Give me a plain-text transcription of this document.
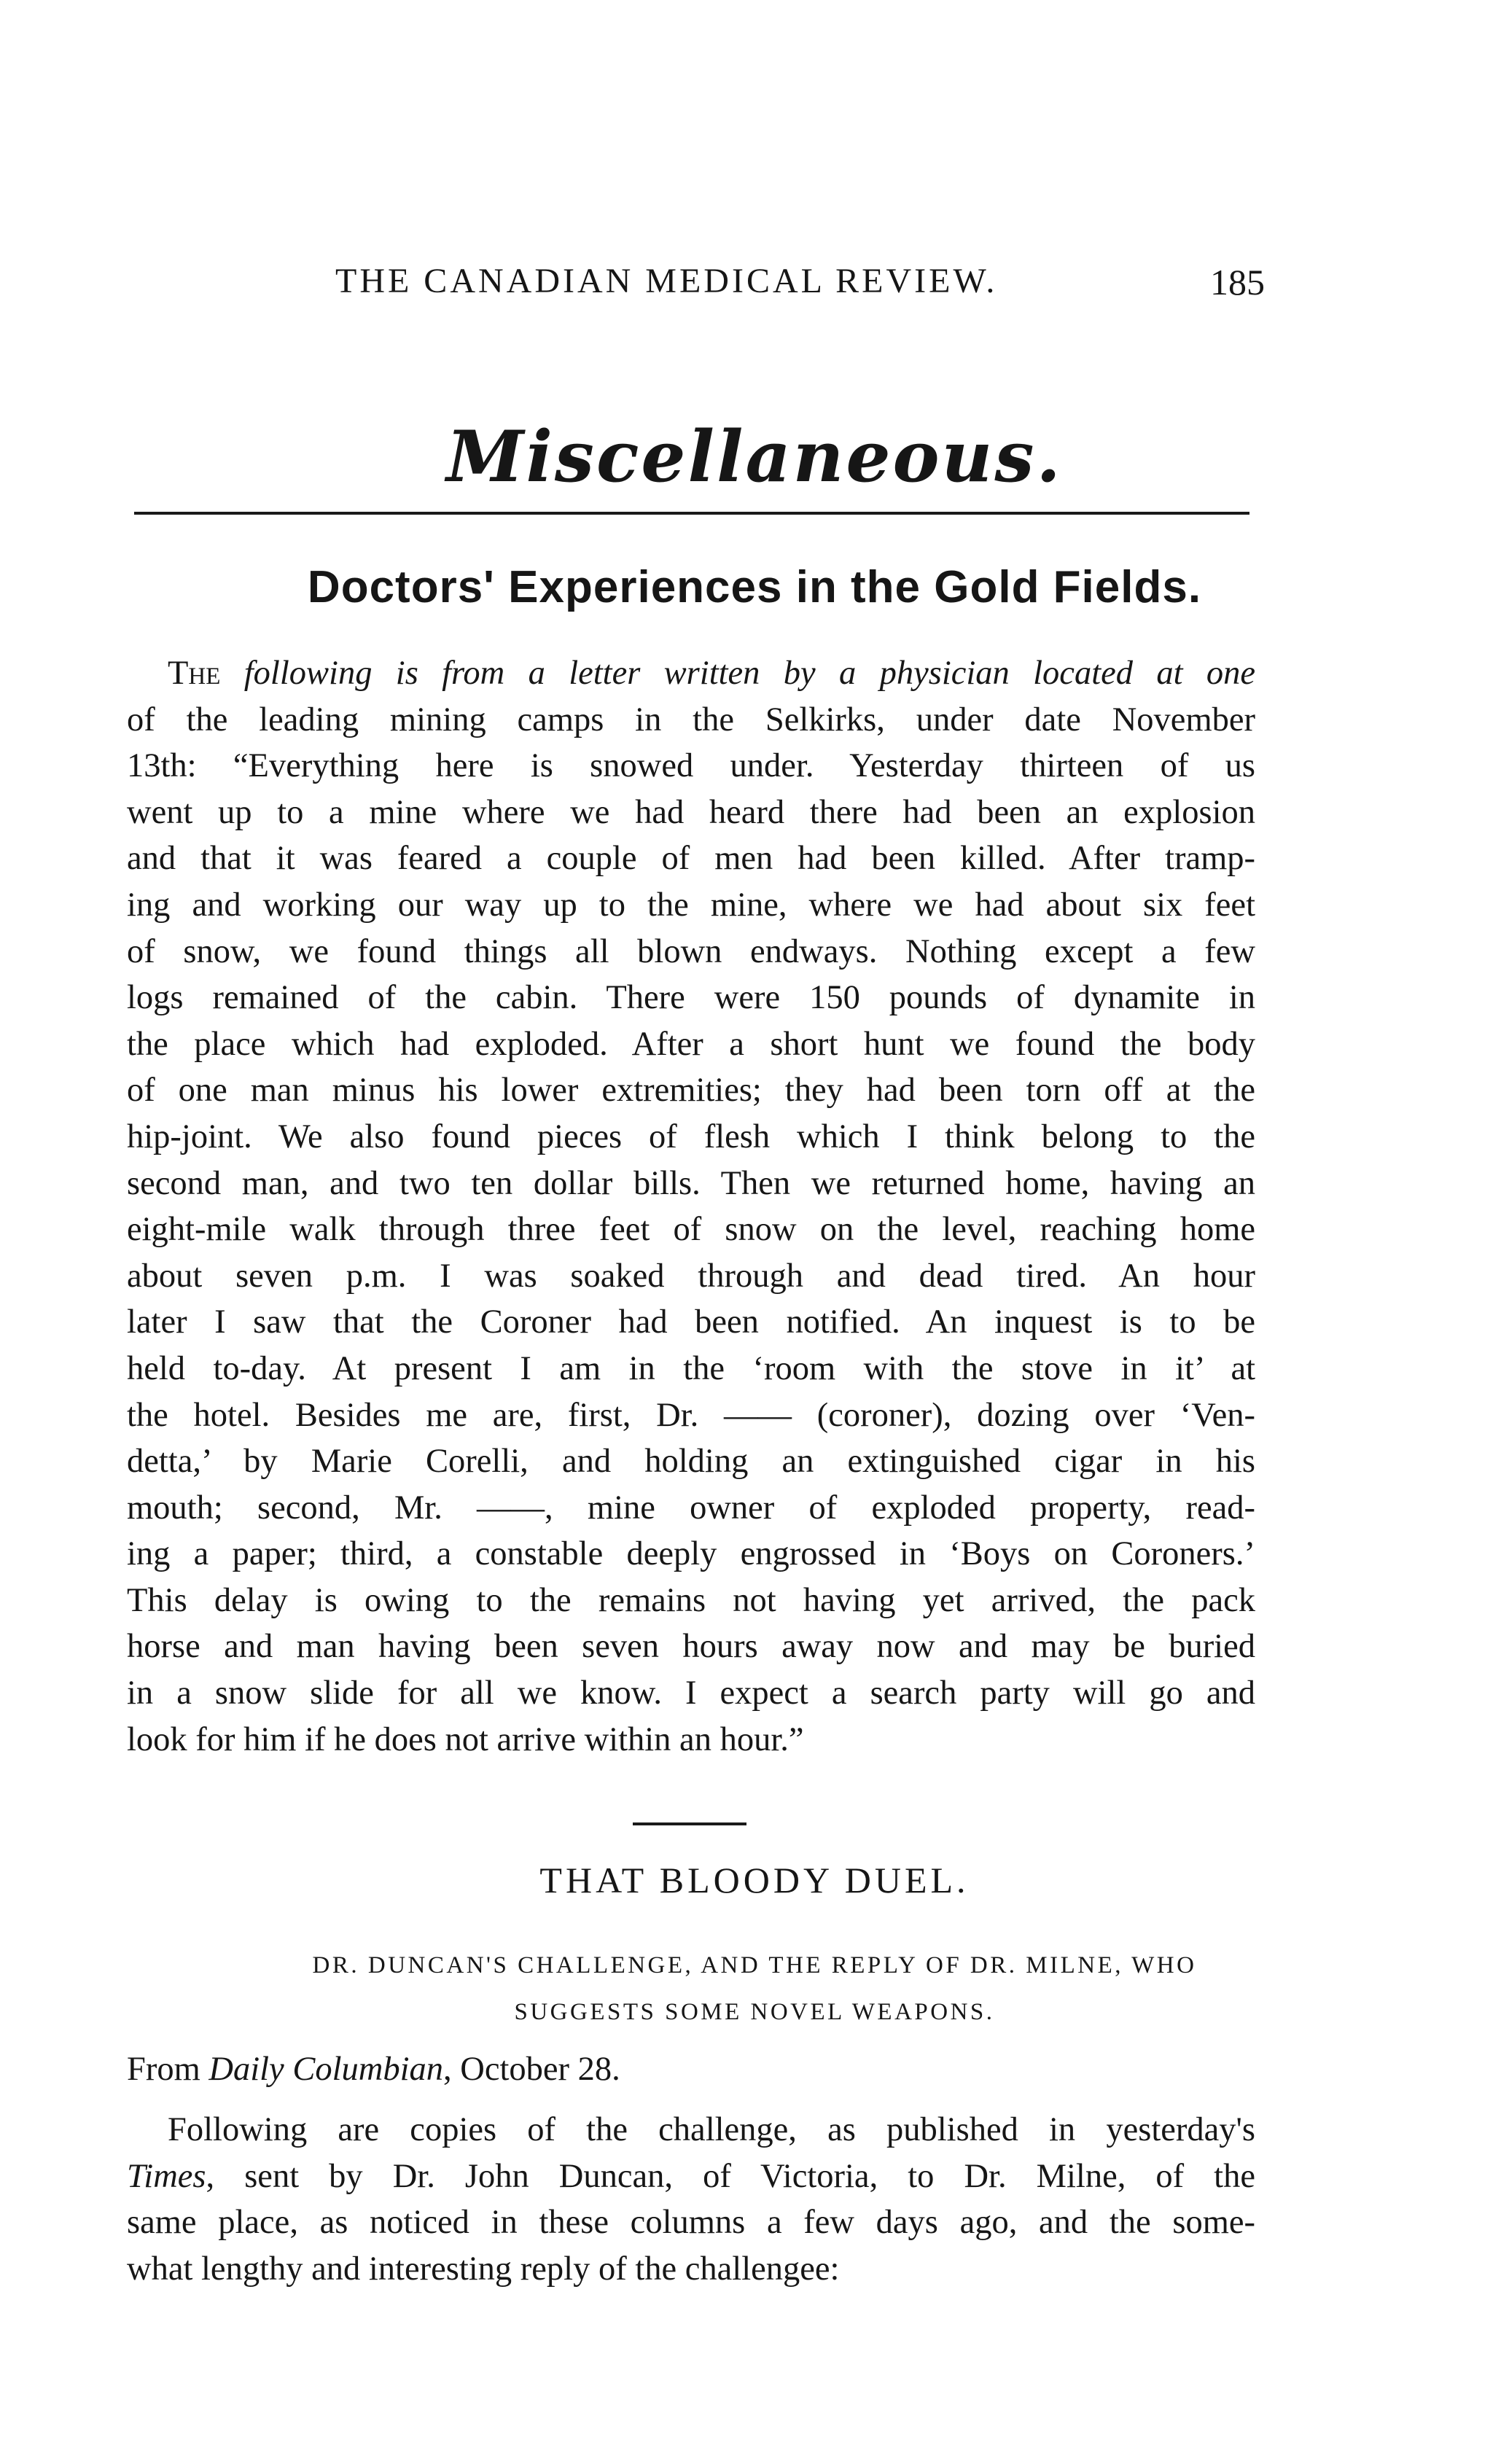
THE CANADIAN MEDICAL REVIEW.	185
Miscellaneous.
Doctors' Experiences in the Gold Fields.
The following is from a letter written by a physician located at one
of the leading mining camps in the Selkirks, under date November
13th: “Everything here is snowed under. Yesterday thirteen of us
went up to a mine where we had heard there had been an explosion
and that it was feared a couple of men had been killed. After tramp-
ing and working our way up to the mine, where we had about six feet
of snow, we found things all blown endways. Nothing except a few
logs remained of the cabin. There were 150 pounds of dynamite in
the place which had exploded. After a short hunt we found the body
of one man minus his lower extremities; they had been torn off at the
hip-joint. We also found pieces of flesh which I think belong to the
second man, and two ten dollar bills. Then we returned home, having an
eight-mile walk through three feet of snow on the level, reaching home
about seven p.m. I was soaked through and dead tired. An hour
later I saw that the Coroner had been notified. An inquest is to be
held to-day. At present I am in the ‘room with the stove in it’ at
the hotel. Besides me are, first, Dr. —— (coroner), dozing over ‘Ven-
detta,’ by Marie Corelli, and holding an extinguished cigar in his
mouth; second, Mr. ——, mine owner of exploded property, read-
ing a paper; third, a constable deeply engrossed in ‘Boys on Coroners.’
This delay is owing to the remains not having yet arrived, the pack
horse and man having been seven hours away now and may be buried
in a snow slide for all we know. I expect a search party will go and
look for him if he does not arrive within an hour.”
THAT BLOODY DUEL.
DR. DUNCAN'S CHALLENGE, AND THE REPLY OF DR. MILNE, WHO
SUGGESTS SOME NOVEL WEAPONS.
From Daily Columbian, October 28.
Following are copies of the challenge, as published in yesterday's
Times, sent by Dr. John Duncan, of Victoria, to Dr. Milne, of the
same place, as noticed in these columns a few days ago, and the some-
what lengthy and interesting reply of the challengee:
